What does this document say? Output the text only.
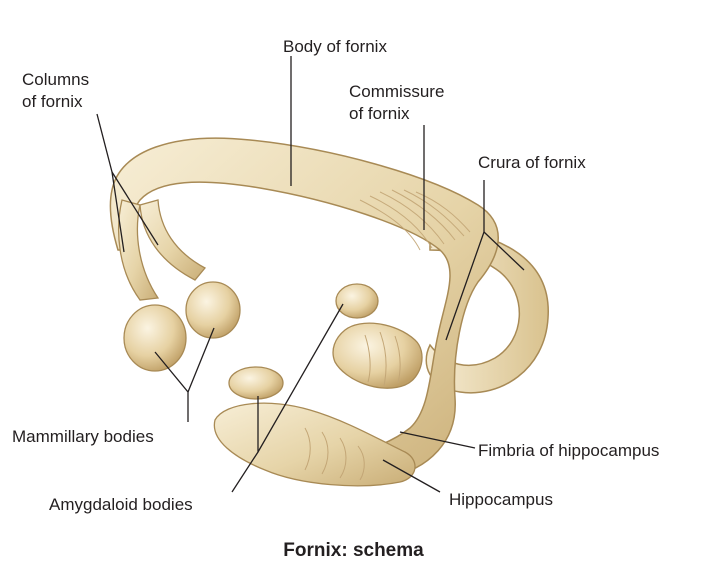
Body of fornix
Columns
of fornix
Commissure
of fornix
Crura of fornix
Mammillary bodies
Fimbria of hippocampus
Amygdaloid bodies	Hippocampus
Fornix: schema
